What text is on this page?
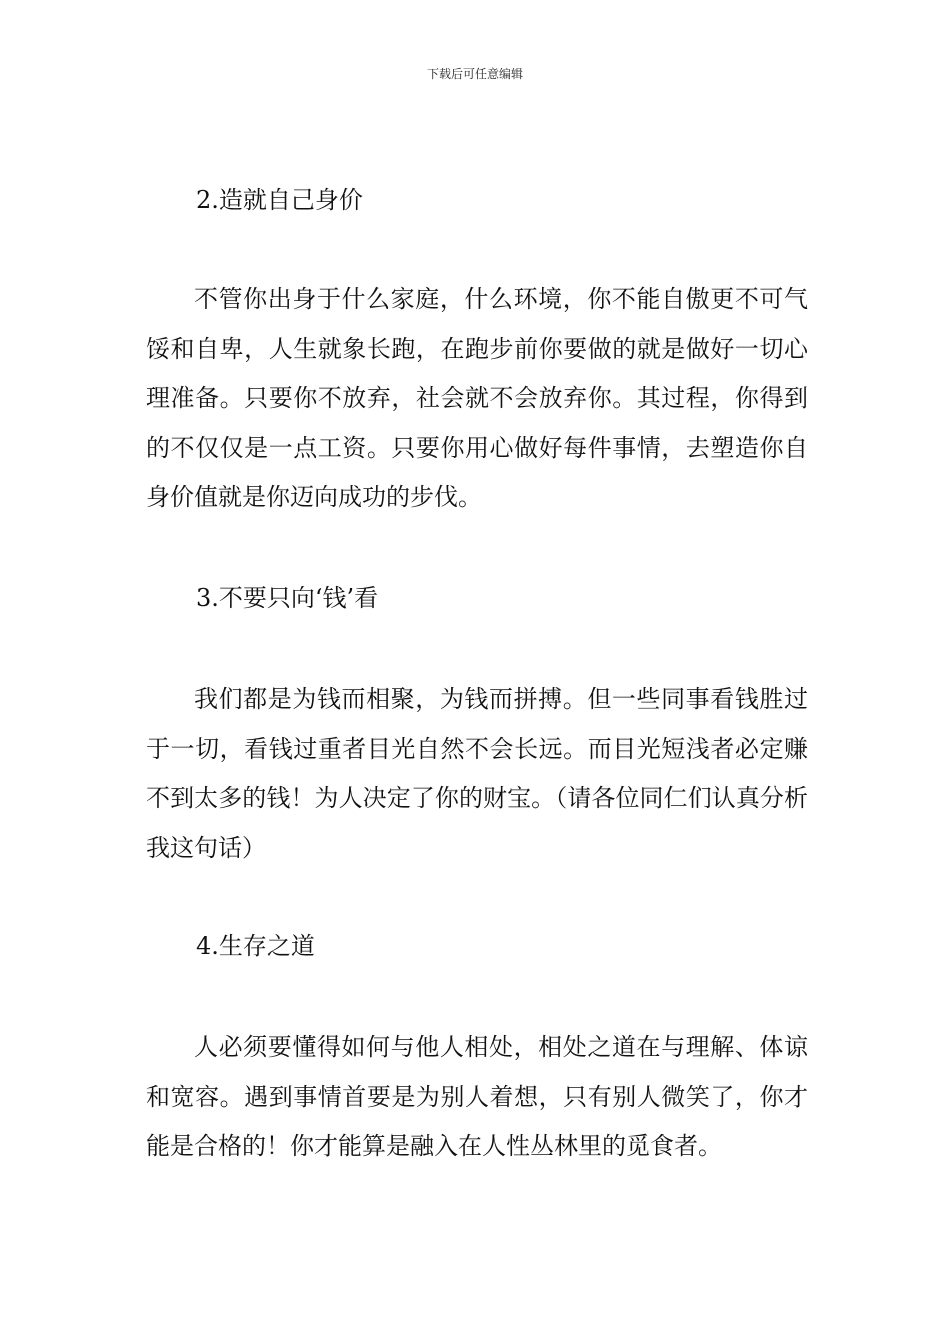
下载后可任意编辑
2.造就自己身价
不管你出身于什么家庭，什么环境，你不能自傲更不可气馁和自卑，人生就象长跑，在跑步前你要做的就是做好一切心理准备。只要你不放弃，社会就不会放弃你。其过程，你得到的不仅仅是一点工资。只要你用心做好每件事情，去塑造你自身价值就是你迈向成功的步伐。
3.不要只向‘钱’看
我们都是为钱而相聚，为钱而拼搏。但一些同事看钱胜过于一切，看钱过重者目光自然不会长远。而目光短浅者必定赚不到太多的钱！为人决定了你的财宝。（请各位同仁们认真分析我这句话）
4.生存之道
人必须要懂得如何与他人相处，相处之道在与理解、体谅和宽容。遇到事情首要是为别人着想，只有别人微笑了，你才能是合格的！你才能算是融入在人性丛林里的觅食者。
